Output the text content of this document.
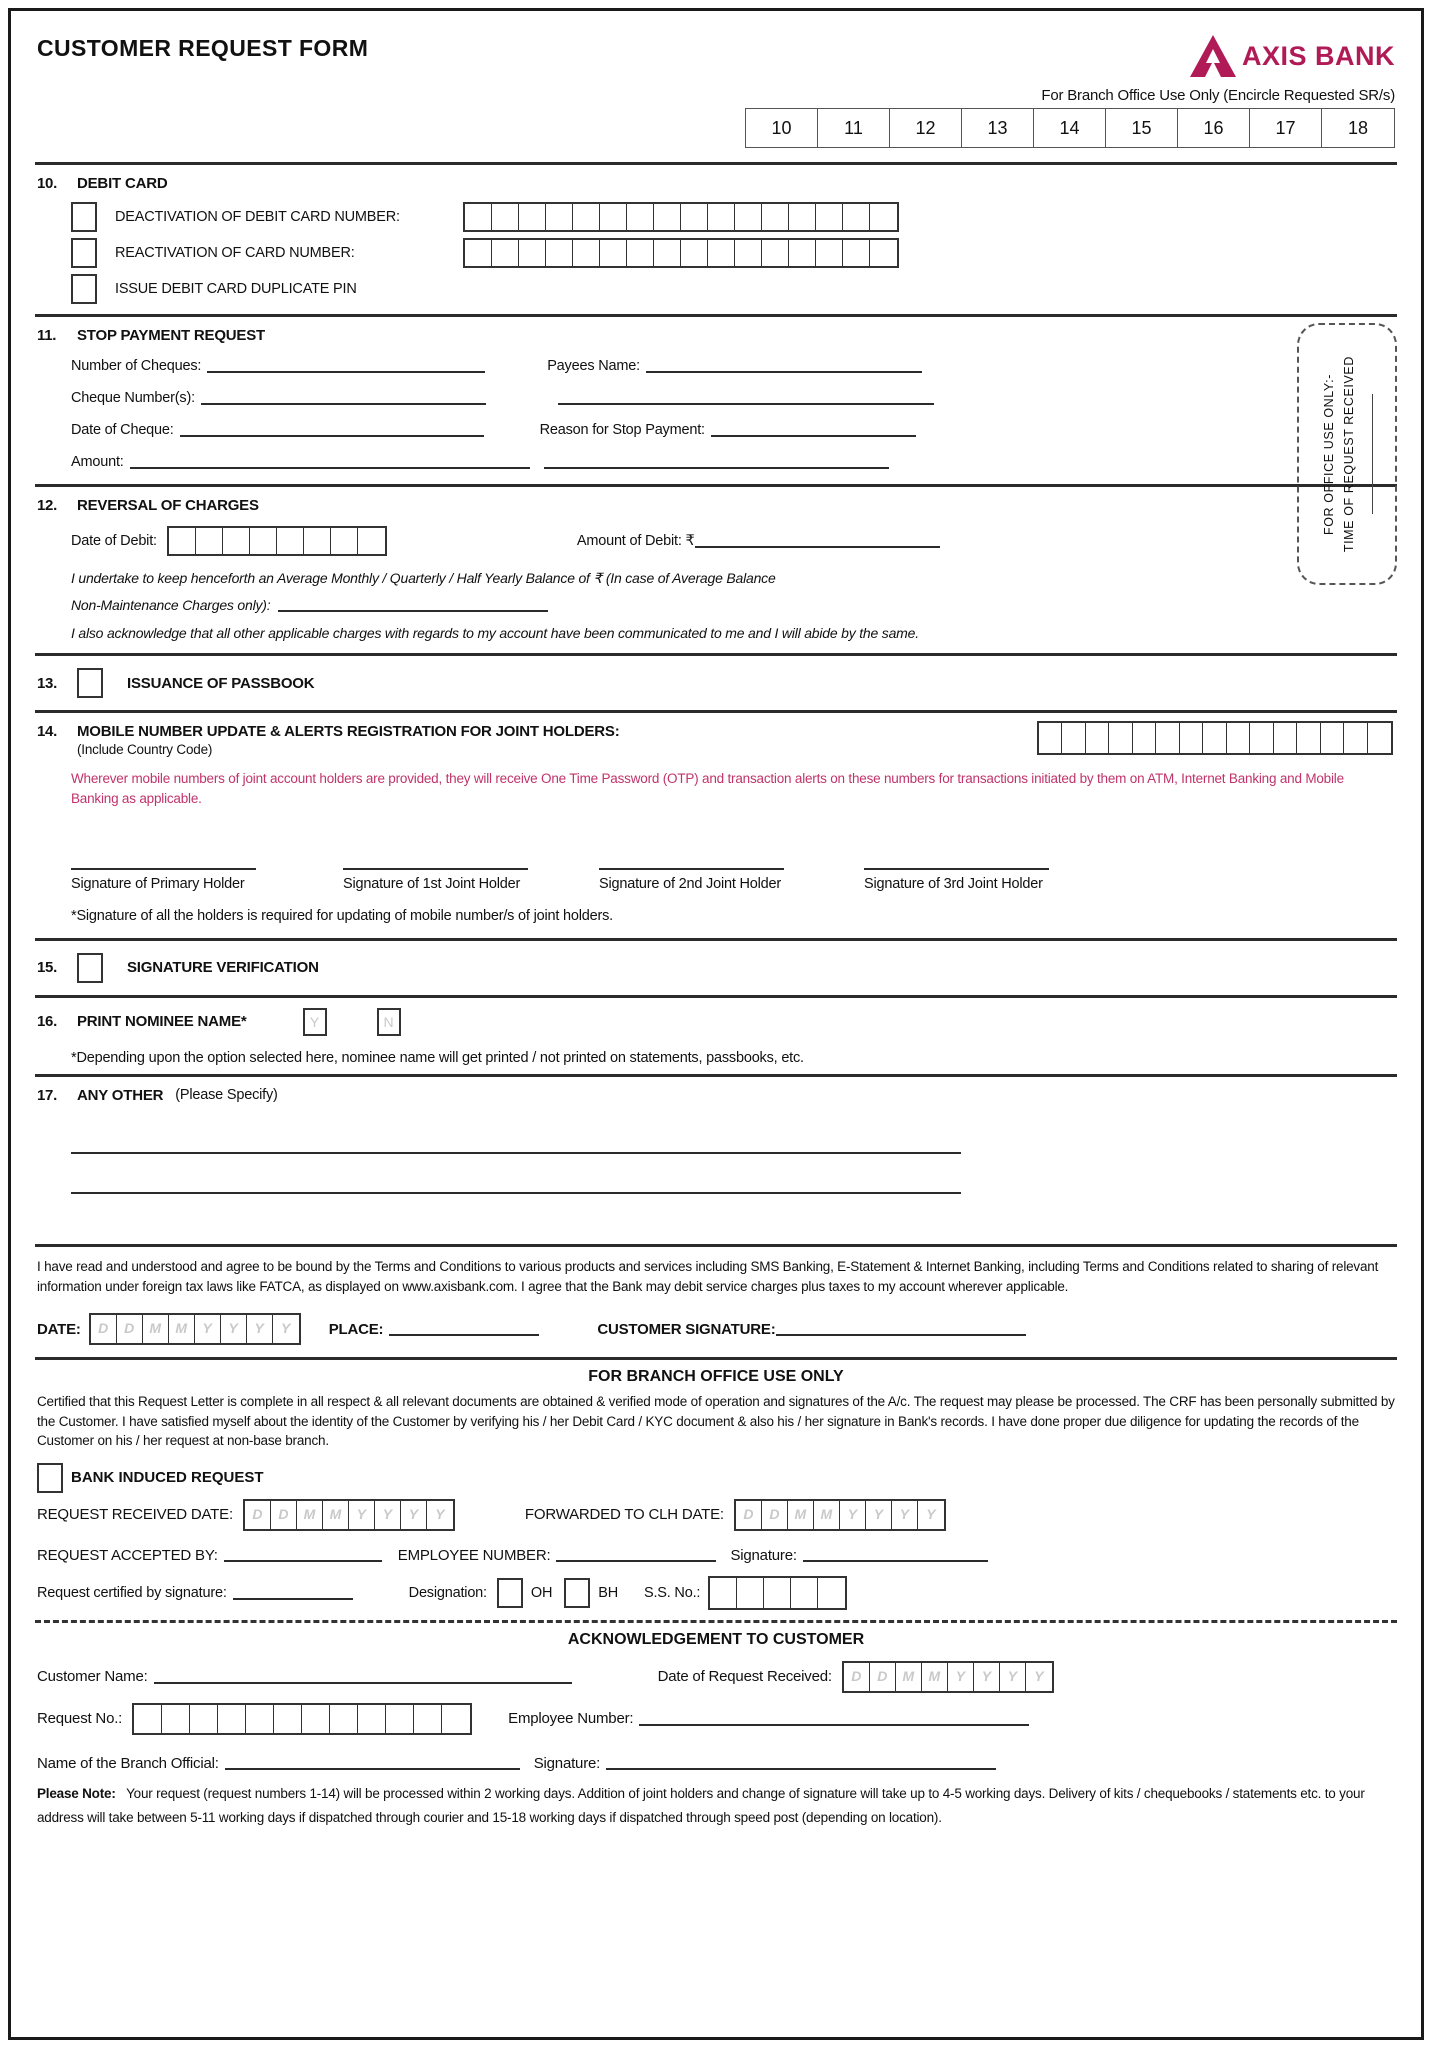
CUSTOMER REQUEST FORM	AXIS BANK
For Branch Office Use Only (Encircle Requested SR/s)
10	11	12	13	14	15	16	17	18
10.	DEBIT CARD
DEACTIVATION OF DEBIT CARD NUMBER:
REACTIVATION OF CARD NUMBER:
ISSUE DEBIT CARD DUPLICATE PIN
11.	STOP PAYMENT REQUEST
Number of Cheques:	Payees Name:
Cheque Number(s):
Date of Cheque:	Reason for Stop Payment:
Amount:
12.	REVERSAL OF CHARGES
Date of Debit:	Amount of Debit: ₹
I undertake to keep henceforth an Average Monthly / Quarterly / Half Yearly Balance of ₹ (In case of Average Balance
Non-Maintenance Charges only):
I also acknowledge that all other applicable charges with regards to my account have been communicated to me and I will abide by the same.
13.	ISSUANCE OF PASSBOOK
14.	MOBILE NUMBER UPDATE & ALERTS REGISTRATION FOR JOINT HOLDERS:
(Include Country Code)
Wherever mobile numbers of joint account holders are provided, they will receive One Time Password (OTP) and transaction alerts on these numbers for transactions initiated by them on ATM, Internet Banking and Mobile Banking as applicable.
Signature of Primary Holder	Signature of 1st Joint Holder	Signature of 2nd Joint Holder	Signature of 3rd Joint Holder
*Signature of all the holders is required for updating of mobile number/s of joint holders.
15.	SIGNATURE VERIFICATION
16.	PRINT NOMINEE NAME*	Y	N
*Depending upon the option selected here, nominee name will get printed / not printed on statements, passbooks, etc.
17.	ANY OTHER (Please Specify)
I have read and understood and agree to be bound by the Terms and Conditions to various products and services including SMS Banking, E-Statement & Internet Banking, including Terms and Conditions related to sharing of relevant information under foreign tax laws like FATCA, as displayed on www.axisbank.com. I agree that the Bank may debit service charges plus taxes to my account wherever applicable.
DATE:	D	D	M	M	Y	Y	Y	Y	PLACE:	CUSTOMER SIGNATURE:
FOR BRANCH OFFICE USE ONLY
Certified that this Request Letter is complete in all respect & all relevant documents are obtained & verified mode of operation and signatures of the A/c. The request may please be processed. The CRF has been personally submitted by the Customer. I have satisfied myself about the identity of the Customer by verifying his / her Debit Card / KYC document & also his / her signature in Bank's records. I have done proper due diligence for updating the records of the Customer on his / her request at non-base branch.
BANK INDUCED REQUEST
REQUEST RECEIVED DATE:	D	D	M	M	Y	Y	Y	Y	FORWARDED TO CLH DATE:	D	D	M	M	Y	Y	Y	Y
REQUEST ACCEPTED BY:	EMPLOYEE NUMBER:	Signature:
Request certified by signature:	Designation:	OH	BH S.S. No.:
ACKNOWLEDGEMENT TO CUSTOMER
Customer Name:	Date of Request Received:	D	D	M	M	Y	Y	Y	Y
Request No.:	Employee Number:
Name of the Branch Official:	Signature:
Please Note: Your request (request numbers 1-14) will be processed within 2 working days. Addition of joint holders and change of signature will take up to 4-5 working days. Delivery of kits / chequebooks / statements etc. to your address will take between 5-11 working days if dispatched through courier and 15-18 working days if dispatched through speed post (depending on location).
FOR OFFICE USE ONLY:- TIME OF REQUEST RECEIVED
